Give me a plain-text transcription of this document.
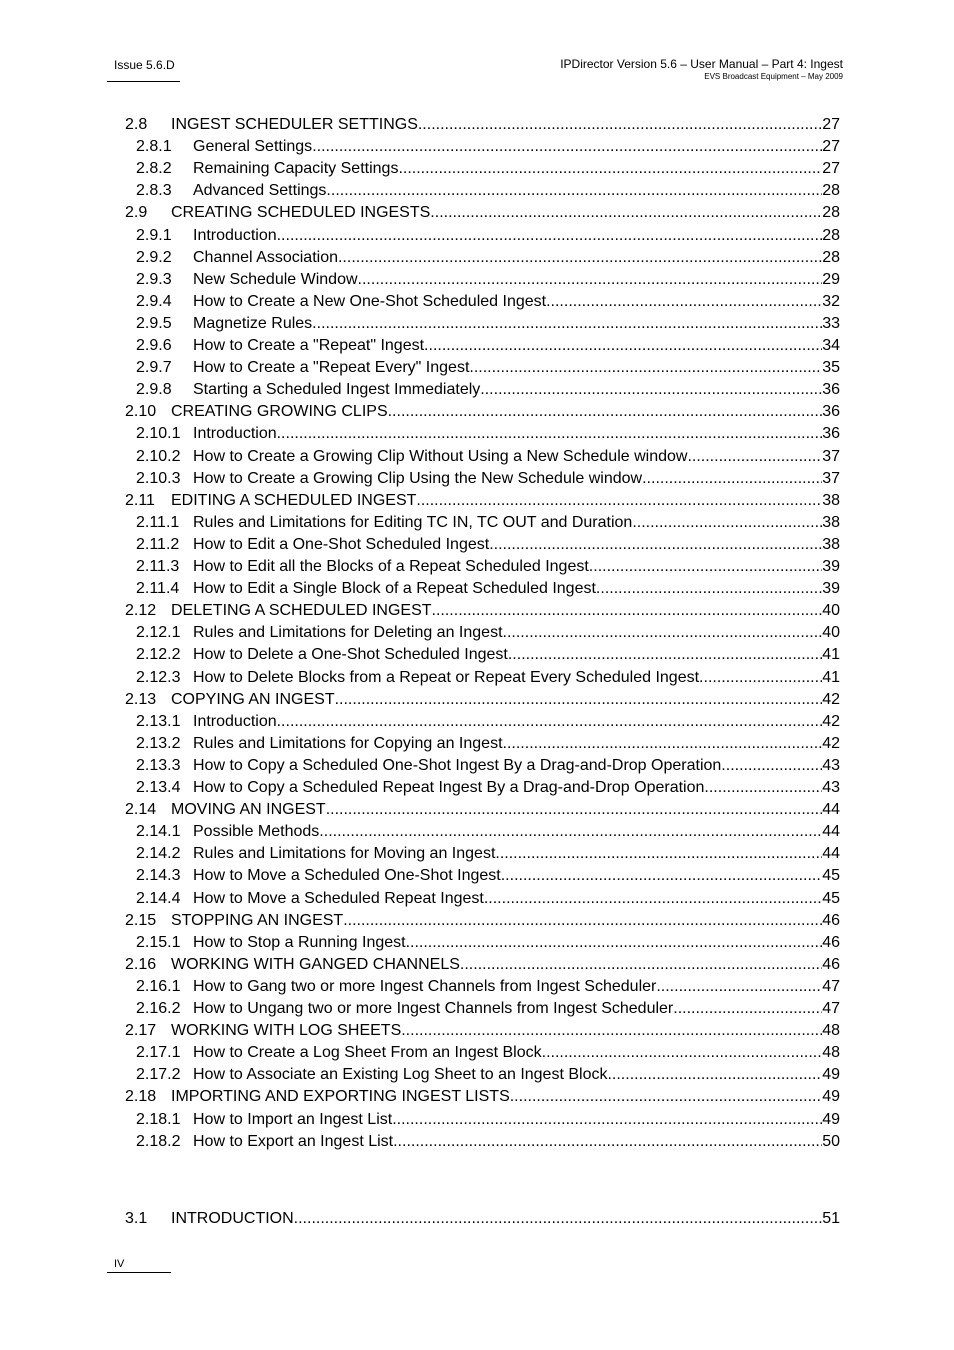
Issue 5.6.D	IPDirector Version 5.6 – User Manual – Part 4: Ingest
EVS Broadcast Equipment – May 2009
2.8 INGEST SCHEDULER SETTINGS .....	27
2.8.1 General Settings .....	27
2.8.2 Remaining Capacity Settings .....	27
2.8.3 Advanced Settings .....	28
2.9 CREATING SCHEDULED INGESTS .....	28
2.9.1 Introduction .....	28
2.9.2 Channel Association .....	28
2.9.3 New Schedule Window .....	29
2.9.4 How to Create a New One-Shot Scheduled Ingest .....	32
2.9.5 Magnetize Rules .....	33
2.9.6 How to Create a "Repeat" Ingest .....	34
2.9.7 How to Create a "Repeat Every" Ingest .....	35
2.9.8 Starting a Scheduled Ingest Immediately .....	36
2.10 CREATING GROWING CLIPS .....	36
2.10.1 Introduction .....	36
2.10.2 How to Create a Growing Clip Without Using a New Schedule window .....	37
2.10.3 How to Create a Growing Clip Using the New Schedule window .....	37
2.11 EDITING A SCHEDULED INGEST .....	38
2.11.1 Rules and Limitations for Editing TC IN, TC OUT and Duration .....	38
2.11.2 How to Edit a One-Shot Scheduled Ingest .....	38
2.11.3 How to Edit all the Blocks of a Repeat Scheduled Ingest .....	39
2.11.4 How to Edit a Single Block of a Repeat Scheduled Ingest .....	39
2.12 DELETING A SCHEDULED INGEST .....	40
2.12.1 Rules and Limitations for Deleting an Ingest .....	40
2.12.2 How to Delete a One-Shot Scheduled Ingest .....	41
2.12.3 How to Delete Blocks from a Repeat or Repeat Every Scheduled Ingest .....	41
2.13 COPYING AN INGEST .....	42
2.13.1 Introduction .....	42
2.13.2 Rules and Limitations for Copying an Ingest .....	42
2.13.3 How to Copy a Scheduled One-Shot Ingest By a Drag-and-Drop Operation .....	43
2.13.4 How to Copy a Scheduled Repeat Ingest By a Drag-and-Drop Operation .....	43
2.14 MOVING AN INGEST .....	44
2.14.1 Possible Methods .....	44
2.14.2 Rules and Limitations for Moving an Ingest .....	44
2.14.3 How to Move a Scheduled One-Shot Ingest .....	45
2.14.4 How to Move a Scheduled Repeat Ingest .....	45
2.15 STOPPING AN INGEST .....	46
2.15.1 How to Stop a Running Ingest .....	46
2.16 WORKING WITH GANGED CHANNELS .....	46
2.16.1 How to Gang two or more Ingest Channels from Ingest Scheduler .....	47
2.16.2 How to Ungang two or more Ingest Channels from Ingest Scheduler .....	47
2.17 WORKING WITH LOG SHEETS .....	48
2.17.1 How to Create a Log Sheet From an Ingest Block .....	48
2.17.2 How to Associate an Existing Log Sheet to an Ingest Block .....	49
2.18 IMPORTING AND EXPORTING INGEST LISTS .....	49
2.18.1 How to Import an Ingest List .....	49
2.18.2 How to Export an Ingest List .....	50
3.1 INTRODUCTION .....	51
IV
